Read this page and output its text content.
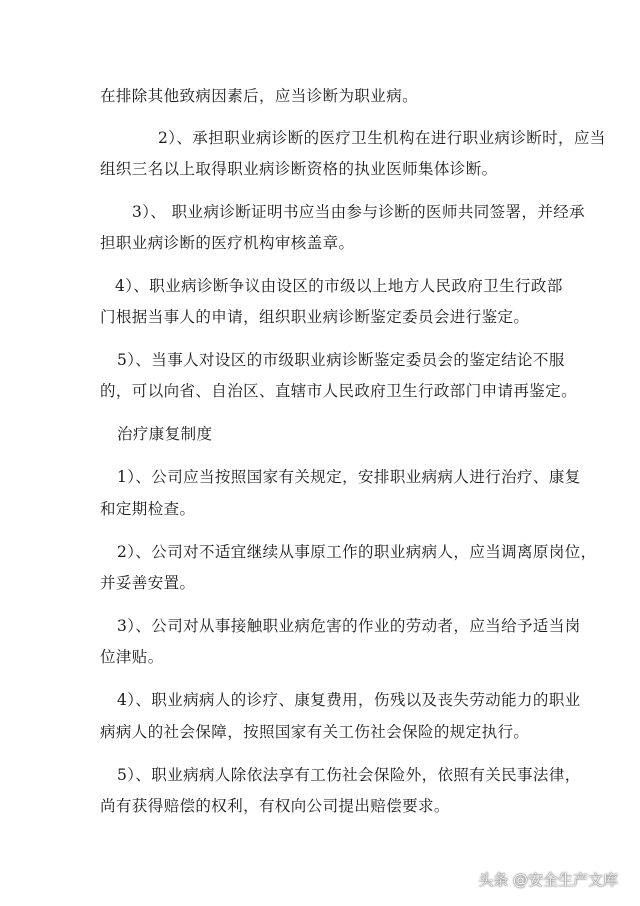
在排除其他致病因素后，应当诊断为职业病。
2）、承担职业病诊断的医疗卫生机构在进行职业病诊断时，应当
组织三名以上取得职业病诊断资格的执业医师集体诊断。
3）、 职业病诊断证明书应当由参与诊断的医师共同签署，并经承
担职业病诊断的医疗机构审核盖章。
4）、职业病诊断争议由设区的市级以上地方人民政府卫生行政部
门根据当事人的申请，组织职业病诊断鉴定委员会进行鉴定。
5）、当事人对设区的市级职业病诊断鉴定委员会的鉴定结论不服
的，可以向省、自治区、直辖市人民政府卫生行政部门申请再鉴定。
治疗康复制度
1）、公司应当按照国家有关规定，安排职业病病人进行治疗、康复
和定期检查。
2）、公司对不适宜继续从事原工作的职业病病人，应当调离原岗位，
并妥善安置。
3）、公司对从事接触职业病危害的作业的劳动者，应当给予适当岗
位津贴。
4）、职业病病人的诊疗、康复费用，伤残以及丧失劳动能力的职业
病病人的社会保障，按照国家有关工伤社会保险的规定执行。
5）、职业病病人除依法享有工伤社会保险外，依照有关民事法律，
尚有获得赔偿的权利，有权向公司提出赔偿要求。
头条 @安全生产文库
